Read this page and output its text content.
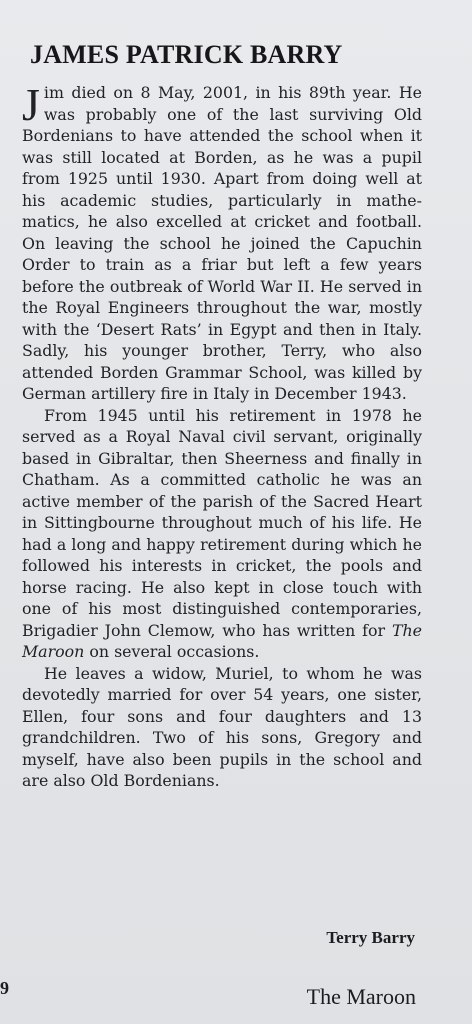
JAMES PATRICK BARRY

Jim died on 8 May, 2001, in his 89th year. He was probably one of the last surviving Old Bordenians to have attended the school when it was still located at Borden, as he was a pupil from 1925 until 1930. Apart from doing well at his academic studies, particularly in mathematics, he also excelled at cricket and football. On leaving the school he joined the Capuchin Order to train as a friar but left a few years before the outbreak of World War II. He served in the Royal Engineers throughout the war, mostly with the ‘Desert Rats’ in Egypt and then in Italy. Sadly, his younger brother, Terry, who also attended Borden Grammar School, was killed by German artillery fire in Italy in December 1943.

From 1945 until his retirement in 1978 he served as a Royal Naval civil servant, originally based in Gibraltar, then Sheerness and finally in Chatham. As a committed catholic he was an active member of the parish of the Sacred Heart in Sittingbourne throughout much of his life. He had a long and happy retirement during which he followed his interests in cricket, the pools and horse racing. He also kept in close touch with one of his most distinguished contemporaries, Brigadier John Clemow, who has written for The Maroon on several occasions.

He leaves a widow, Muriel, to whom he was devotedly married for over 54 years, one sister, Ellen, four sons and four daughters and 13 grandchildren. Two of his sons, Gregory and myself, have also been pupils in the school and are also Old Bordenians.

Terry Barry
9	The Maroon
